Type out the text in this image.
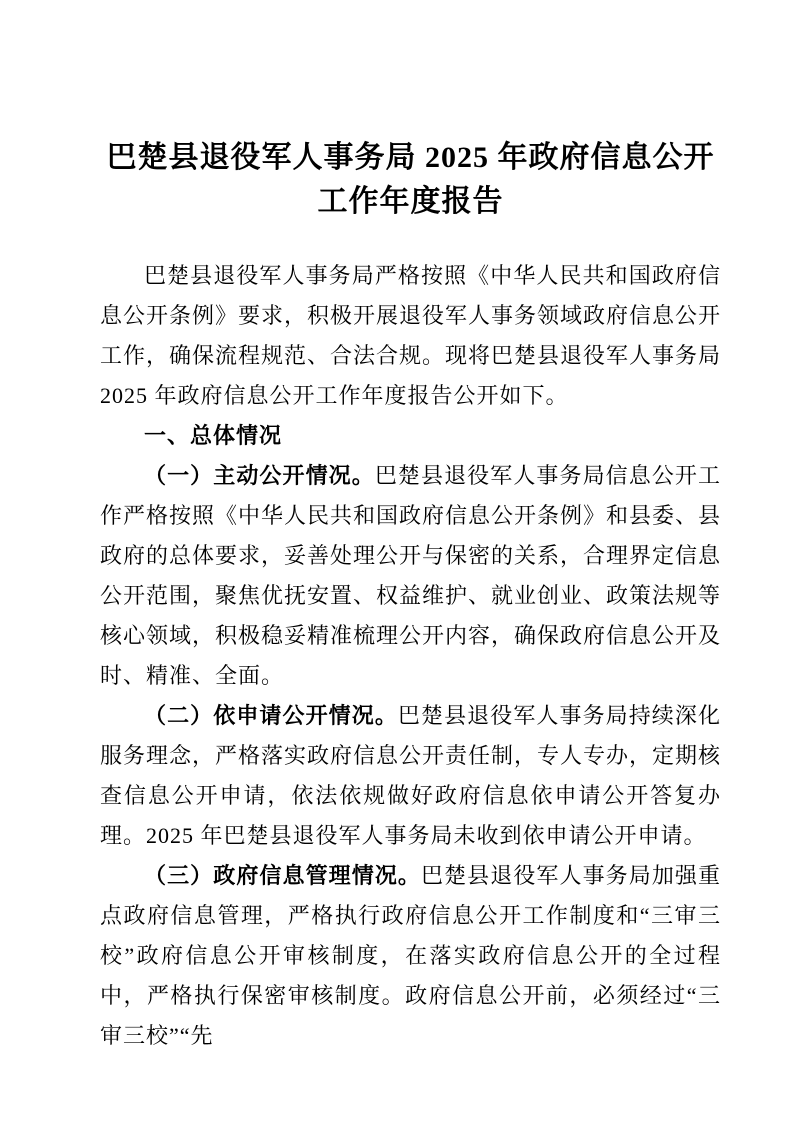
巴楚县退役军人事务局 2025 年政府信息公开
工作年度报告

巴楚县退役军人事务局严格按照《中华人民共和国政府信息公开条例》要求，积极开展退役军人事务领域政府信息公开工作，确保流程规范、合法合规。现将巴楚县退役军人事务局 2025 年政府信息公开工作年度报告公开如下。

一、总体情况

（一）主动公开情况。巴楚县退役军人事务局信息公开工作严格按照《中华人民共和国政府信息公开条例》和县委、县政府的总体要求，妥善处理公开与保密的关系，合理界定信息公开范围，聚焦优抚安置、权益维护、就业创业、政策法规等核心领域，积极稳妥精准梳理公开内容，确保政府信息公开及时、精准、全面。

（二）依申请公开情况。巴楚县退役军人事务局持续深化服务理念，严格落实政府信息公开责任制，专人专办，定期核查信息公开申请，依法依规做好政府信息依申请公开答复办理。2025 年巴楚县退役军人事务局未收到依申请公开申请。

（三）政府信息管理情况。巴楚县退役军人事务局加强重点政府信息管理，严格执行政府信息公开工作制度和“三审三校”政府信息公开审核制度，在落实政府信息公开的全过程中，严格执行保密审核制度。政府信息公开前，必须经过“三审三校”“先
